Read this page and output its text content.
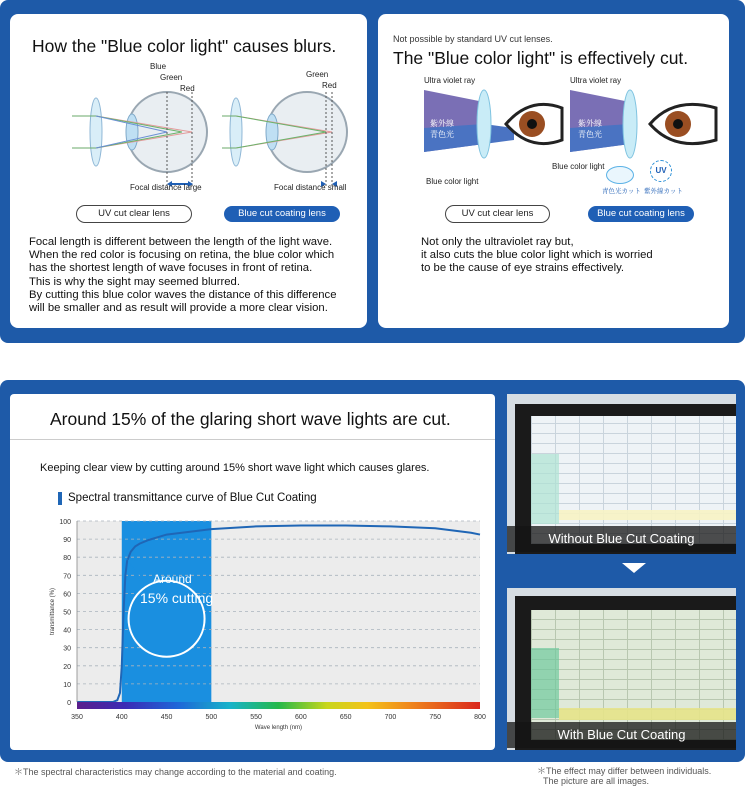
How the "Blue color light" causes blurs.
Blue
Green
Red
Focal distance large
Green
Red
Focal distance small
UV cut clear lens	Blue cut coating lens
Focal length is different between the length of the light wave.
When the red color is focusing on retina, the blue color which
has the shortest length of wave focuses in front of retina.
This is why the sight may seemed blurred.
By cutting this blue color waves the distance of this difference
will be smaller and as result will provide a more clear vision.
Not possible by standard UV cut lenses.
The "Blue color light" is effectively cut.
Ultra violet ray	Ultra violet ray
紫外線
青色光
Blue color light
紫外線
青色光
Blue color light	UV
青色光カット 紫外線カット
UV cut clear lens	Blue cut coating lens
Not only the ultraviolet ray but,
it also cuts the blue color light which is worried
to be the cause of eye strains effectively.
Around 15% of the glaring short wave lights are cut.
Keeping clear view by cutting around 15% short wave light which causes glares.
Spectral transmittance curve of Blue Cut Coating
0
10
20
30
40
50
60
70
80
90
100
350	400	450	500	550	600	650	700	750	800
Wave length (nm)
transmittance (%)
Around
15% cutting
Without Blue Cut Coating
With Blue Cut Coating
＊The spectral characteristics may change according to the material and coating.	＊The effect may differ between individuals.
The picture are all images.
